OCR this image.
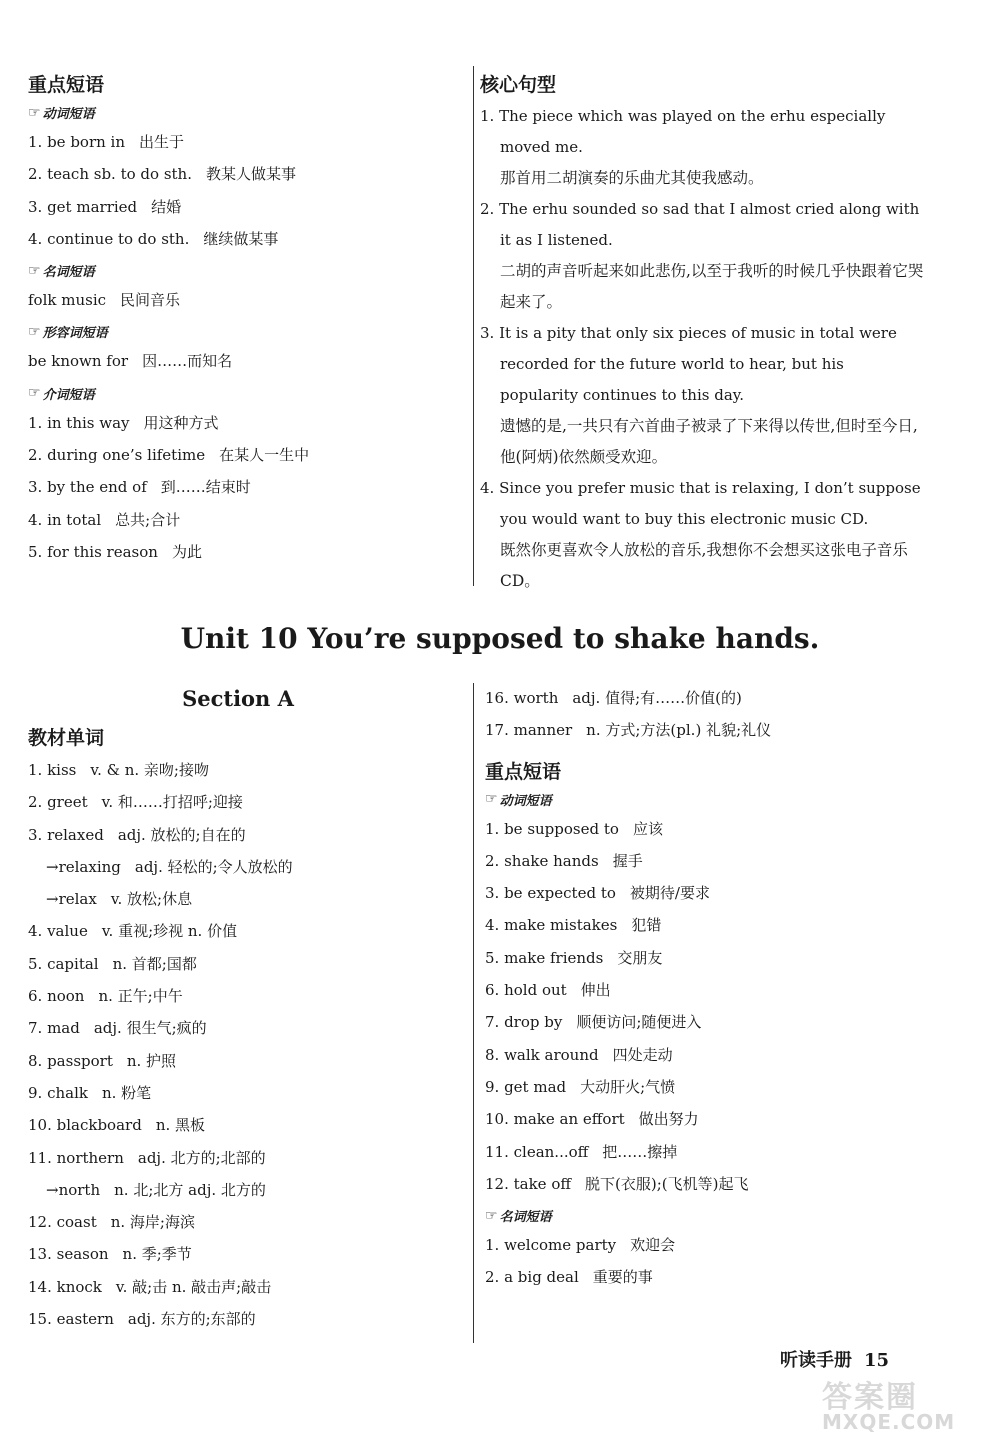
重点短语
☞ 动词短语
1. be born in 出生于
2. teach sb. to do sth. 教某人做某事
3. get married 结婚
4. continue to do sth. 继续做某事
☞ 名词短语
folk music 民间音乐
☞ 形容词短语
be known for 因……而知名
☞ 介词短语
1. in this way 用这种方式
2. during one’s lifetime 在某人一生中
3. by the end of 到……结束时
4. in total 总共;合计
5. for this reason 为此
核心句型
1. The piece which was played on the erhu especially moved me.
那首用二胡演奏的乐曲尤其使我感动。
2. The erhu sounded so sad that I almost cried along with it as I listened.
二胡的声音听起来如此悲伤,以至于我听的时候几乎快跟着它哭起来了。
3. It is a pity that only six pieces of music in total were recorded for the future world to hear, but his popularity continues to this day.
遗憾的是,一共只有六首曲子被录了下来得以传世,但时至今日,他(阿炳)依然颇受欢迎。
4. Since you prefer music that is relaxing, I don’t suppose you would want to buy this electronic music CD.
既然你更喜欢令人放松的音乐,我想你不会想买这张电子音乐CD。
Unit 10 You’re supposed to shake hands.
Section A
教材单词
1. kiss v. & n. 亲吻;接吻
2. greet v. 和……打招呼;迎接
3. relaxed adj. 放松的;自在的
→relaxing adj. 轻松的;令人放松的
→relax v. 放松;休息
4. value v. 重视;珍视 n. 价值
5. capital n. 首都;国都
6. noon n. 正午;中午
7. mad adj. 很生气;疯的
8. passport n. 护照
9. chalk n. 粉笔
10. blackboard n. 黑板
11. northern adj. 北方的;北部的
→north n. 北;北方 adj. 北方的
12. coast n. 海岸;海滨
13. season n. 季;季节
14. knock v. 敲;击 n. 敲击声;敲击
15. eastern adj. 东方的;东部的
16. worth adj. 值得;有……价值(的)
17. manner n. 方式;方法(pl.) 礼貌;礼仪
重点短语
☞ 动词短语
1. be supposed to 应该
2. shake hands 握手
3. be expected to 被期待/要求
4. make mistakes 犯错
5. make friends 交朋友
6. hold out 伸出
7. drop by 顺便访问;随便进入
8. walk around 四处走动
9. get mad 大动肝火;气愤
10. make an effort 做出努力
11. clean...off 把……擦掉
12. take off 脱下(衣服);(飞机等)起飞
☞ 名词短语
1. welcome party 欢迎会
2. a big deal 重要的事
听读手册 15
答案圈
MXQE.COM
